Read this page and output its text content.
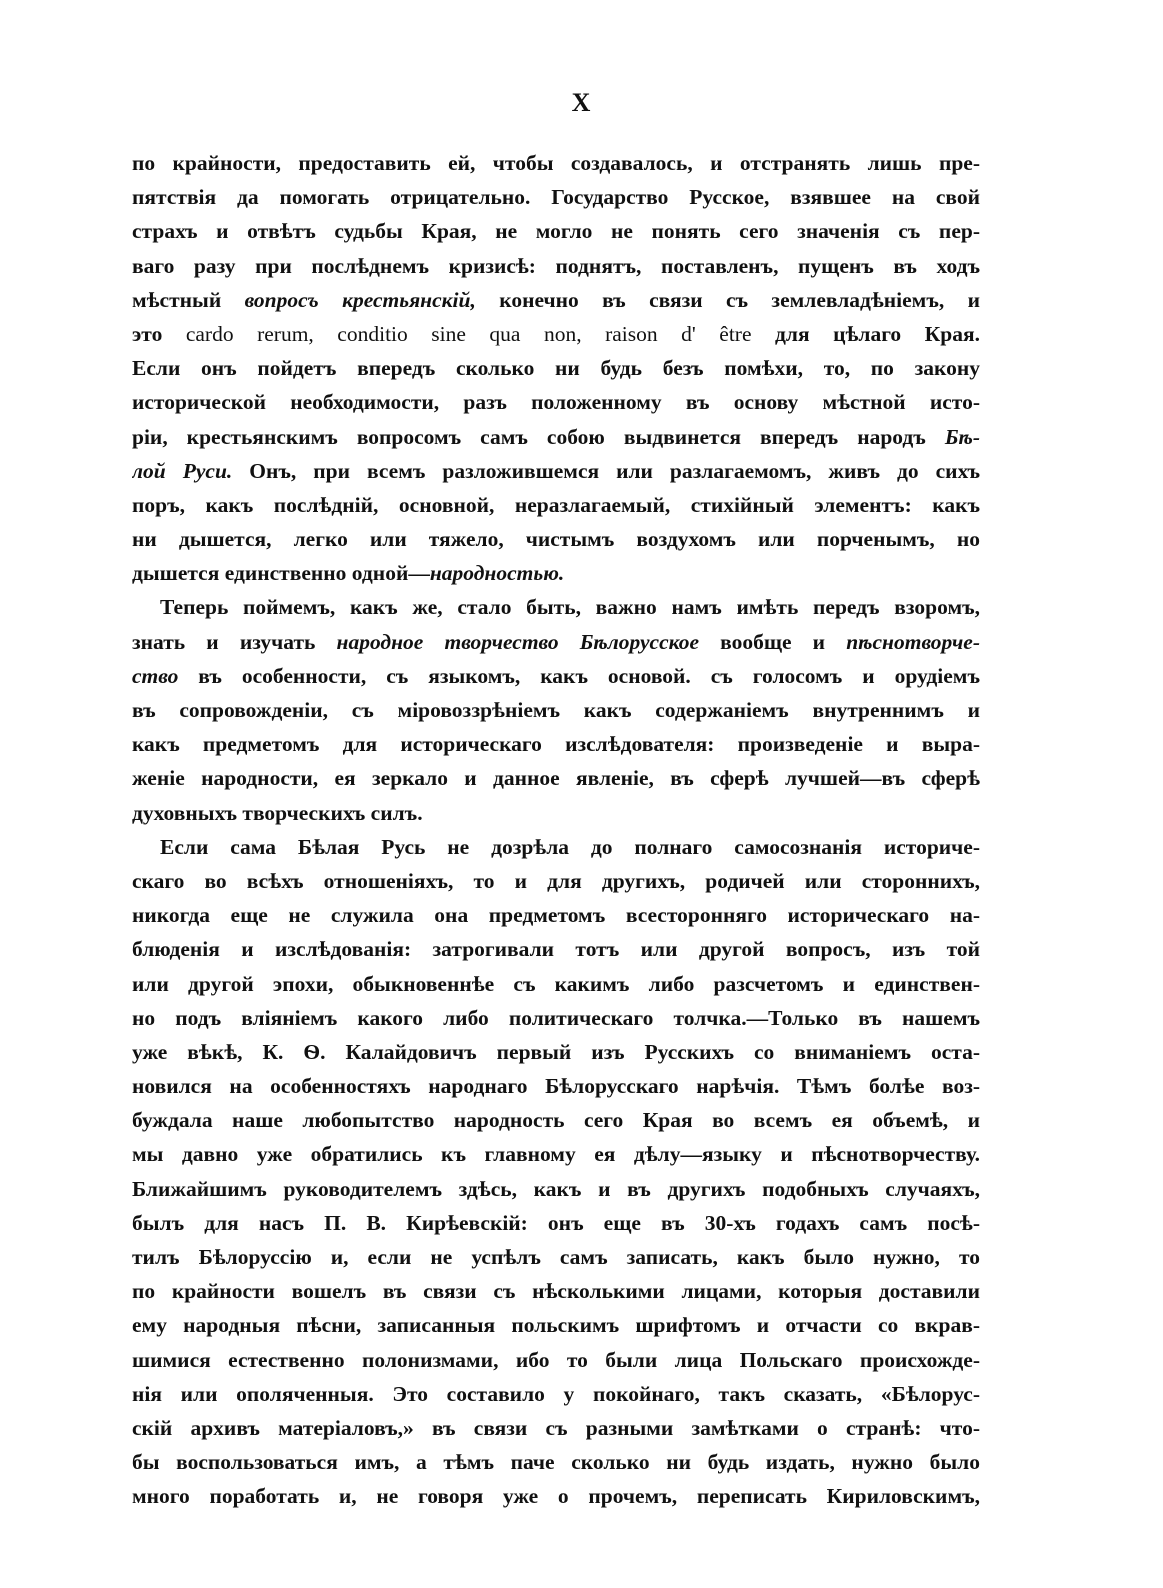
X
по крайности, предоставить ей, чтобы создавалось, и отстранять лишь пре-
пятствія да помогать отрицательно. Государство Русское, взявшее на свой
страхъ и отвѣтъ судьбы Края, не могло не понять сего значенія съ пер-
ваго разу при послѣднемъ кризисѣ: поднятъ, поставленъ, пущенъ въ ходъ
мѣстный вопросъ крестьянскій, конечно въ связи съ землевладѣніемъ, и
это cardo rerum, conditio sine qua non, raison d' être для цѣлаго Края.
Если онъ пойдетъ впередъ сколько ни будь безъ помѣхи, то, по закону
исторической необходимости, разъ положенному въ основу мѣстной исто-
ріи, крестьянскимъ вопросомъ самъ собою выдвинется впередъ народъ Бѣ-
лой Руси. Онъ, при всемъ разложившемся или разлагаемомъ, живъ до сихъ
поръ, какъ послѣдній, основной, неразлагаемый, стихійный элементъ: какъ
ни дышется, легко или тяжело, чистымъ воздухомъ или порченымъ, но
дышется единственно одной—народностью.
Теперь поймемъ, какъ же, стало быть, важно намъ имѣть передъ взоромъ,
знать и изучать народное творчество Бѣлорусское вообще и пѣснотворче-
ство въ особенности, съ языкомъ, какъ основой. съ голосомъ и орудіемъ
въ сопровожденіи, съ міровоззрѣніемъ какъ содержаніемъ внутреннимъ и
какъ предметомъ для историческаго изслѣдователя: произведеніе и выра-
женіе народности, ея зеркало и данное явленіе, въ сферѣ лучшей—въ сферѣ
духовныхъ творческихъ силъ.
Если сама Бѣлая Русь не дозрѣла до полнаго самосознанія историче-
скаго во всѣхъ отношеніяхъ, то и для другихъ, родичей или стороннихъ,
никогда еще не служила она предметомъ всесторонняго историческаго на-
блюденія и изслѣдованія: затрогивали тотъ или другой вопросъ, изъ той
или другой эпохи, обыкновеннѣе съ какимъ либо разсчетомъ и единствен-
но подъ вліяніемъ какого либо политическаго толчка.—Только въ нашемъ
уже вѣкѣ, К. Ѳ. Калайдовичъ первый изъ Русскихъ со вниманіемъ оста-
новился на особенностяхъ народнаго Бѣлорусскаго нарѣчія. Тѣмъ болѣе воз-
буждала наше любопытство народность сего Края во всемъ ея объемѣ, и
мы давно уже обратились къ главному ея дѣлу—языку и пѣснотворчеству.
Ближайшимъ руководителемъ здѣсь, какъ и въ другихъ подобныхъ случаяхъ,
былъ для насъ П. В. Кирѣевскій: онъ еще въ 30-хъ годахъ самъ посѣ-
тилъ Бѣлоруссію и, если не успѣлъ самъ записать, какъ было нужно, то
по крайности вошелъ въ связи съ нѣсколькими лицами, которыя доставили
ему народныя пѣсни, записанныя польскимъ шрифтомъ и отчасти со вкрав-
шимися естественно полонизмами, ибо то были лица Польскаго происхожде-
нія или ополяченныя. Это составило у покойнаго, такъ сказать, «Бѣлорус-
скій архивъ матеріаловъ,» въ связи съ разными замѣтками о странѣ: что-
бы воспользоваться имъ, а тѣмъ паче сколько ни будь издать, нужно было
много поработать и, не говоря уже о прочемъ, переписать Кириловскимъ,
